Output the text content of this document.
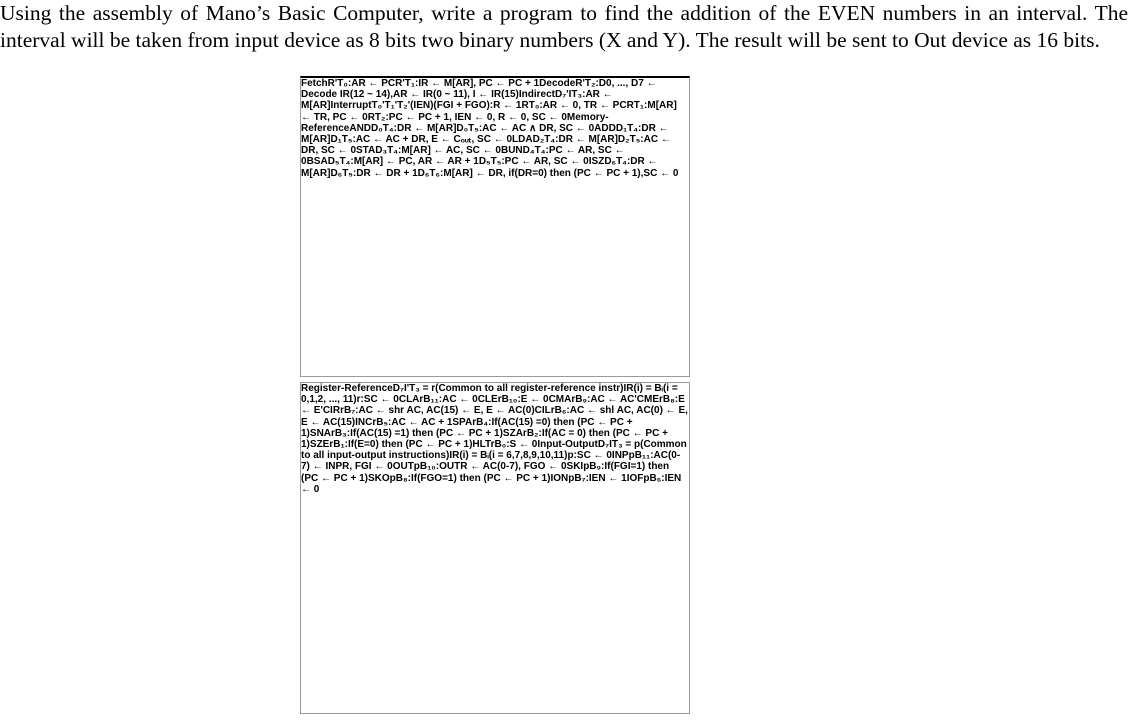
Using the assembly of Mano’s Basic Computer, write a program to find the addition of the EVEN numbers in an interval. The interval will be taken from input device as 8 bits two binary numbers (X and Y). The result will be sent to Out device as 16 bits.
FetchR'T₀:AR ← PCR'T₁:IR ← M[AR], PC ← PC + 1DecodeR'T₂:D0, ..., D7 ← Decode IR(12 ~ 14),AR ← IR(0 ~ 11), I ← IR(15)IndirectD₇'IT₃:AR ← M[AR]InterruptT₀'T₁'T₂'(IEN)(FGI + FGO):R ← 1RT₀:AR ← 0, TR ← PCRT₁:M[AR] ← TR, PC ← 0RT₂:PC ← PC + 1, IEN ← 0, R ← 0, SC ← 0Memory-ReferenceANDD₀T₄:DR ← M[AR]D₀T₅:AC ← AC ∧ DR, SC ← 0ADDD₁T₄:DR ← M[AR]D₁T₅:AC ← AC + DR, E ← Cₒᵤₜ, SC ← 0LDAD₂T₄:DR ← M[AR]D₂T₅:AC ← DR, SC ← 0STAD₃T₄:M[AR] ← AC, SC ← 0BUND₄T₄:PC ← AR, SC ← 0BSAD₅T₄:M[AR] ← PC, AR ← AR + 1D₅T₅:PC ← AR, SC ← 0ISZD₆T₄:DR ← M[AR]D₆T₅:DR ← DR + 1D₆T₆:M[AR] ← DR, if(DR=0) then (PC ← PC + 1),SC ← 0
Register-ReferenceD₇I'T₃ = r(Common to all register-reference instr)IR(i) = Bᵢ(i = 0,1,2, ..., 11)r:SC ← 0CLArB₁₁:AC ← 0CLErB₁₀:E ← 0CMArB₉:AC ← AC'CMErB₈:E ← E'CIRrB₇:AC ← shr AC, AC(15) ← E, E ← AC(0)CILrB₆:AC ← shl AC, AC(0) ← E, E ← AC(15)INCrB₅:AC ← AC + 1SPArB₄:If(AC(15) =0) then (PC ← PC + 1)SNArB₃:If(AC(15) =1) then (PC ← PC + 1)SZArB₂:If(AC = 0) then (PC ← PC + 1)SZErB₁:If(E=0) then (PC ← PC + 1)HLTrB₀:S ← 0Input-OutputD₇IT₃ = p(Common to all input-output instructions)IR(i) = Bᵢ(i = 6,7,8,9,10,11)p:SC ← 0INPpB₁₁:AC(0-7) ← INPR, FGI ← 0OUTpB₁₀:OUTR ← AC(0-7), FGO ← 0SKIpB₉:If(FGI=1) then (PC ← PC + 1)SKOpB₈:If(FGO=1) then (PC ← PC + 1)IONpB₇:IEN ← 1IOFpB₆:IEN ← 0
